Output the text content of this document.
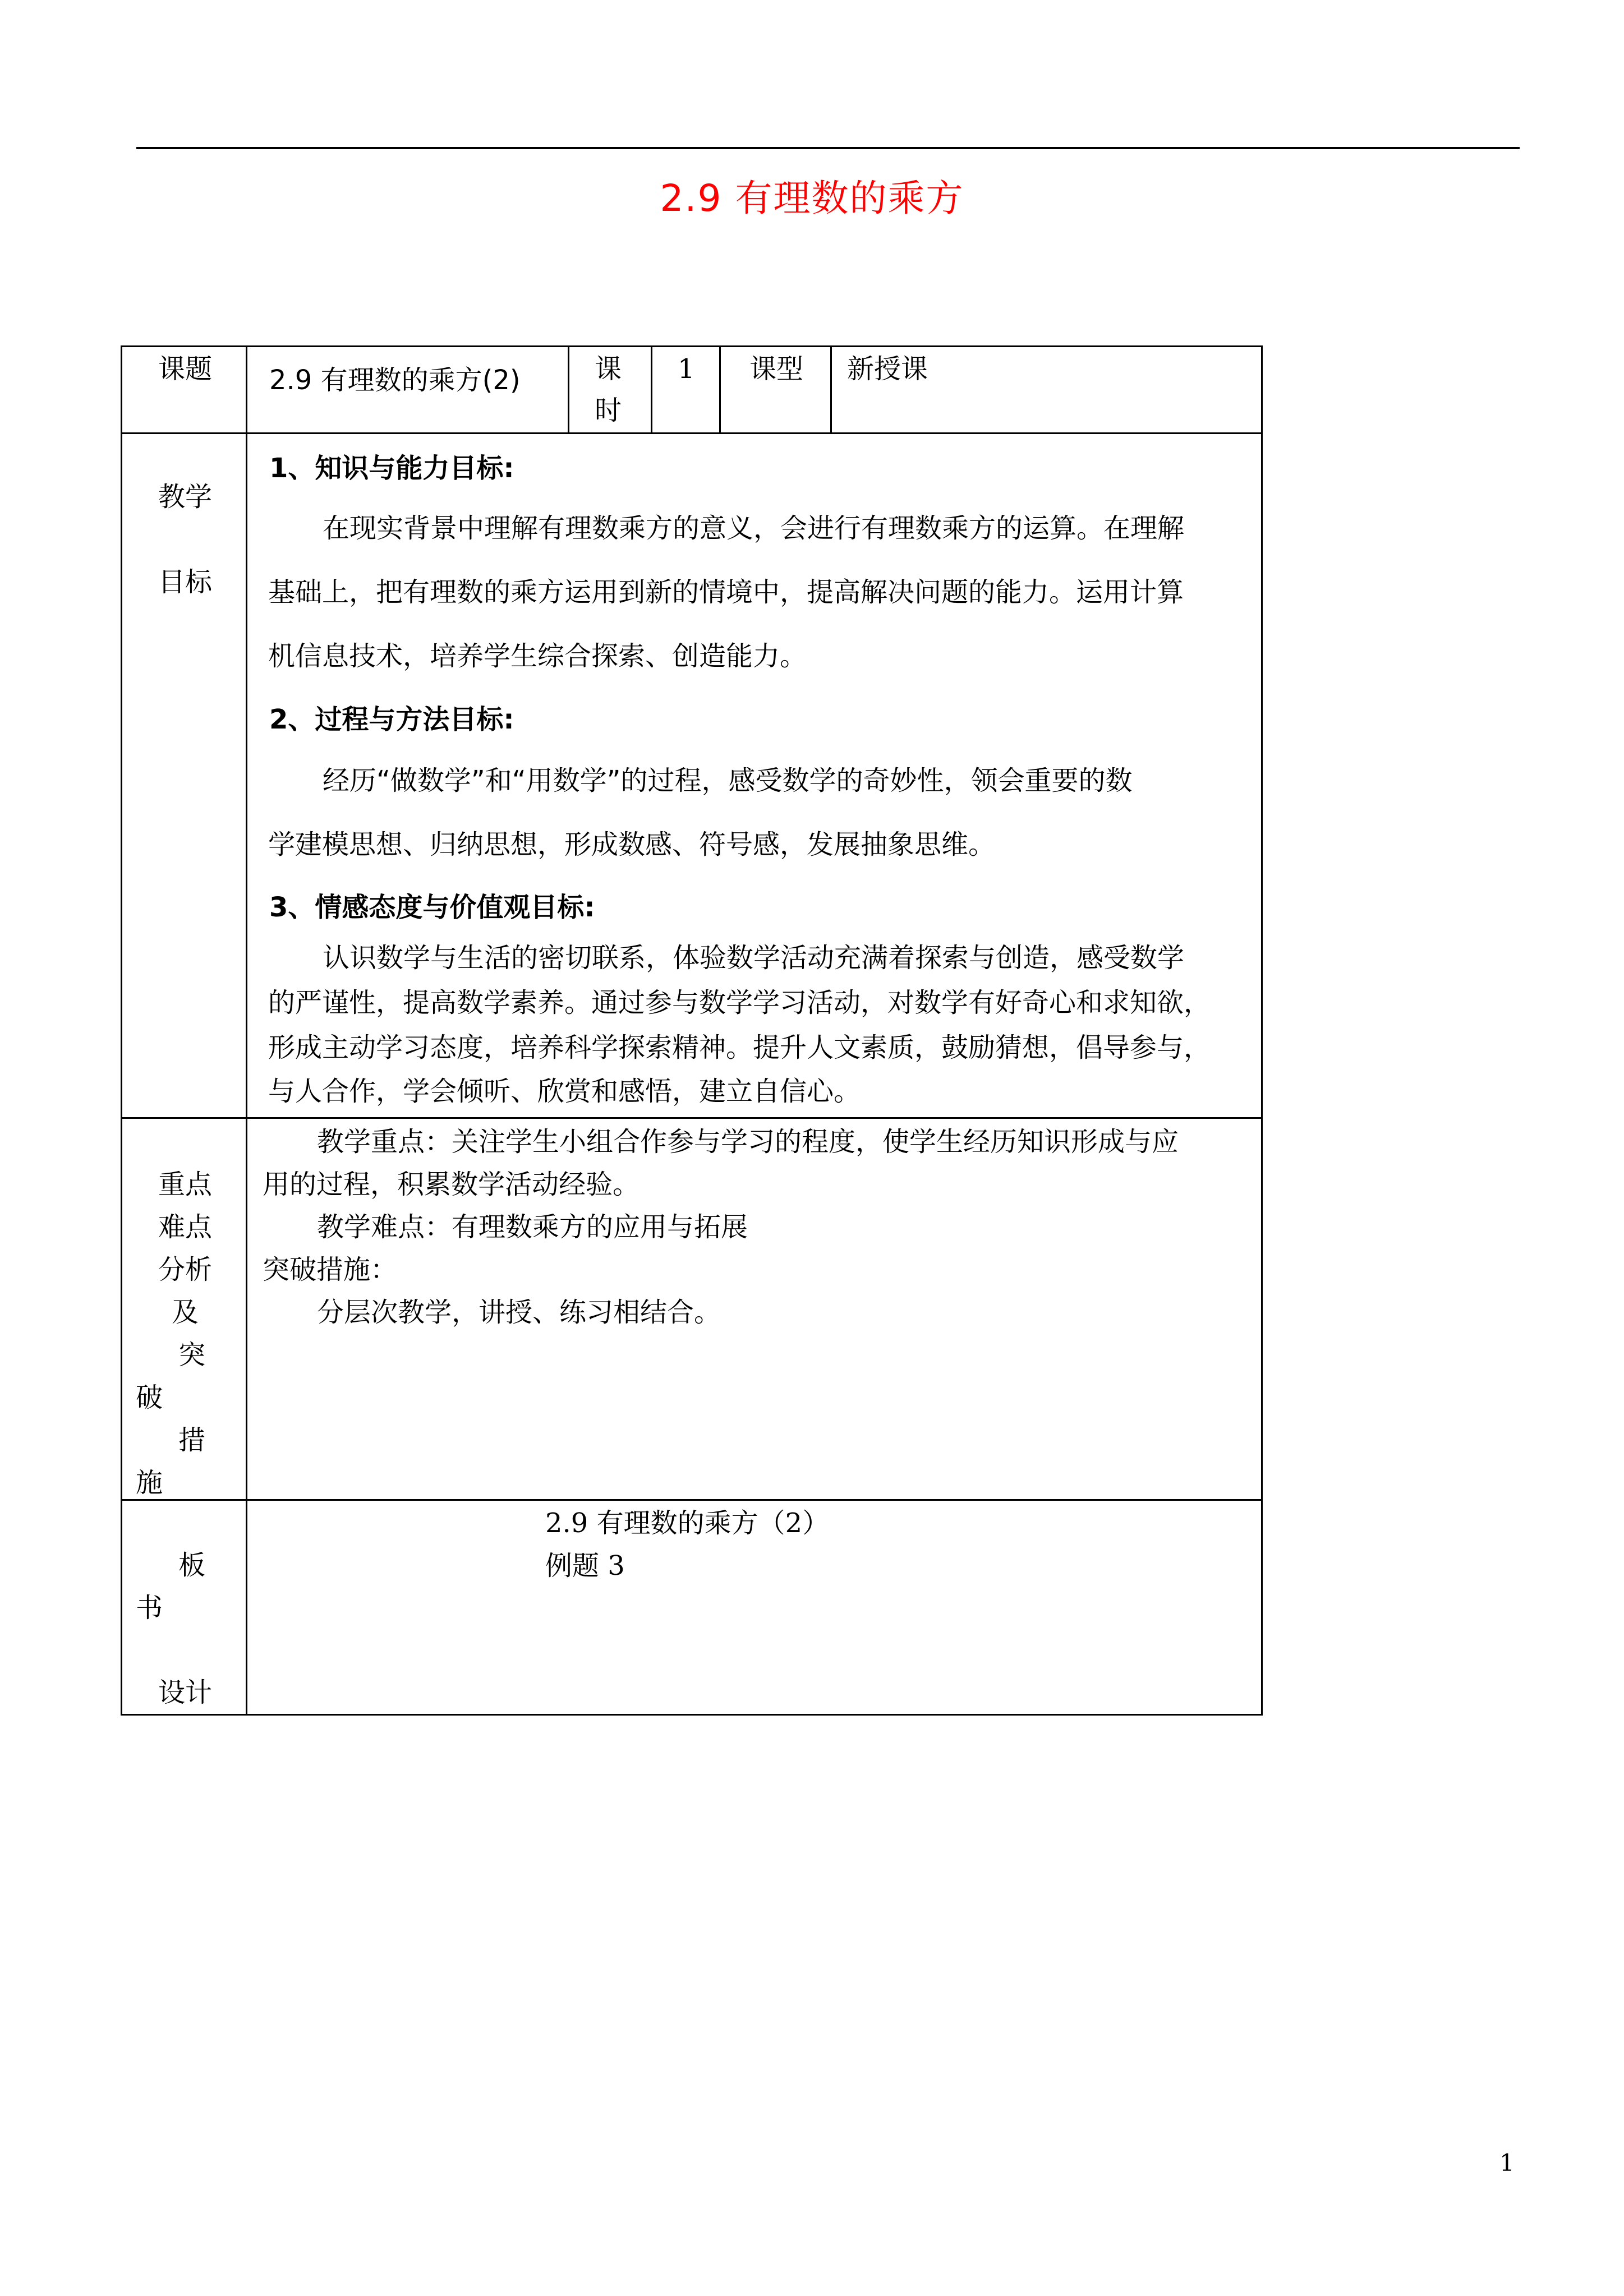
2.9 有理数的乘方
课题 2.9 有理数的乘方(2)	课
时
1 课型 新授课
教学
目标
1、知识与能力目标:
在现实背景中理解有理数乘方的意义，会进行有理数乘方的运算。在理解
基础上，把有理数的乘方运用到新的情境中，提高解决问题的能力。运用计算
机信息技术，培养学生综合探索、创造能力。
2、过程与方法目标:
经历“做数学”和“用数学”的过程，感受数学的奇妙性，领会重要的数
学建模思想、归纳思想，形成数感、符号感，发展抽象思维。
3、情感态度与价值观目标:
认识数学与生活的密切联系，体验数学活动充满着探索与创造，感受数学
的严谨性，提高数学素养。通过参与数学学习活动，对数学有好奇心和求知欲，
形成主动学习态度，培养科学探索精神。提升人文素质，鼓励猜想，倡导参与，
与人合作，学会倾听、欣赏和感悟，建立自信心。
重点
难点
分析
及
突
破
措
施
教学重点：关注学生小组合作参与学习的程度，使学生经历知识形成与应
用的过程，积累数学活动经验。
教学难点：有理数乘方的应用与拓展
突破措施：
分层次教学，讲授、练习相结合。
板
书
设计
2.9 有理数的乘方（2）
例题 3
1
